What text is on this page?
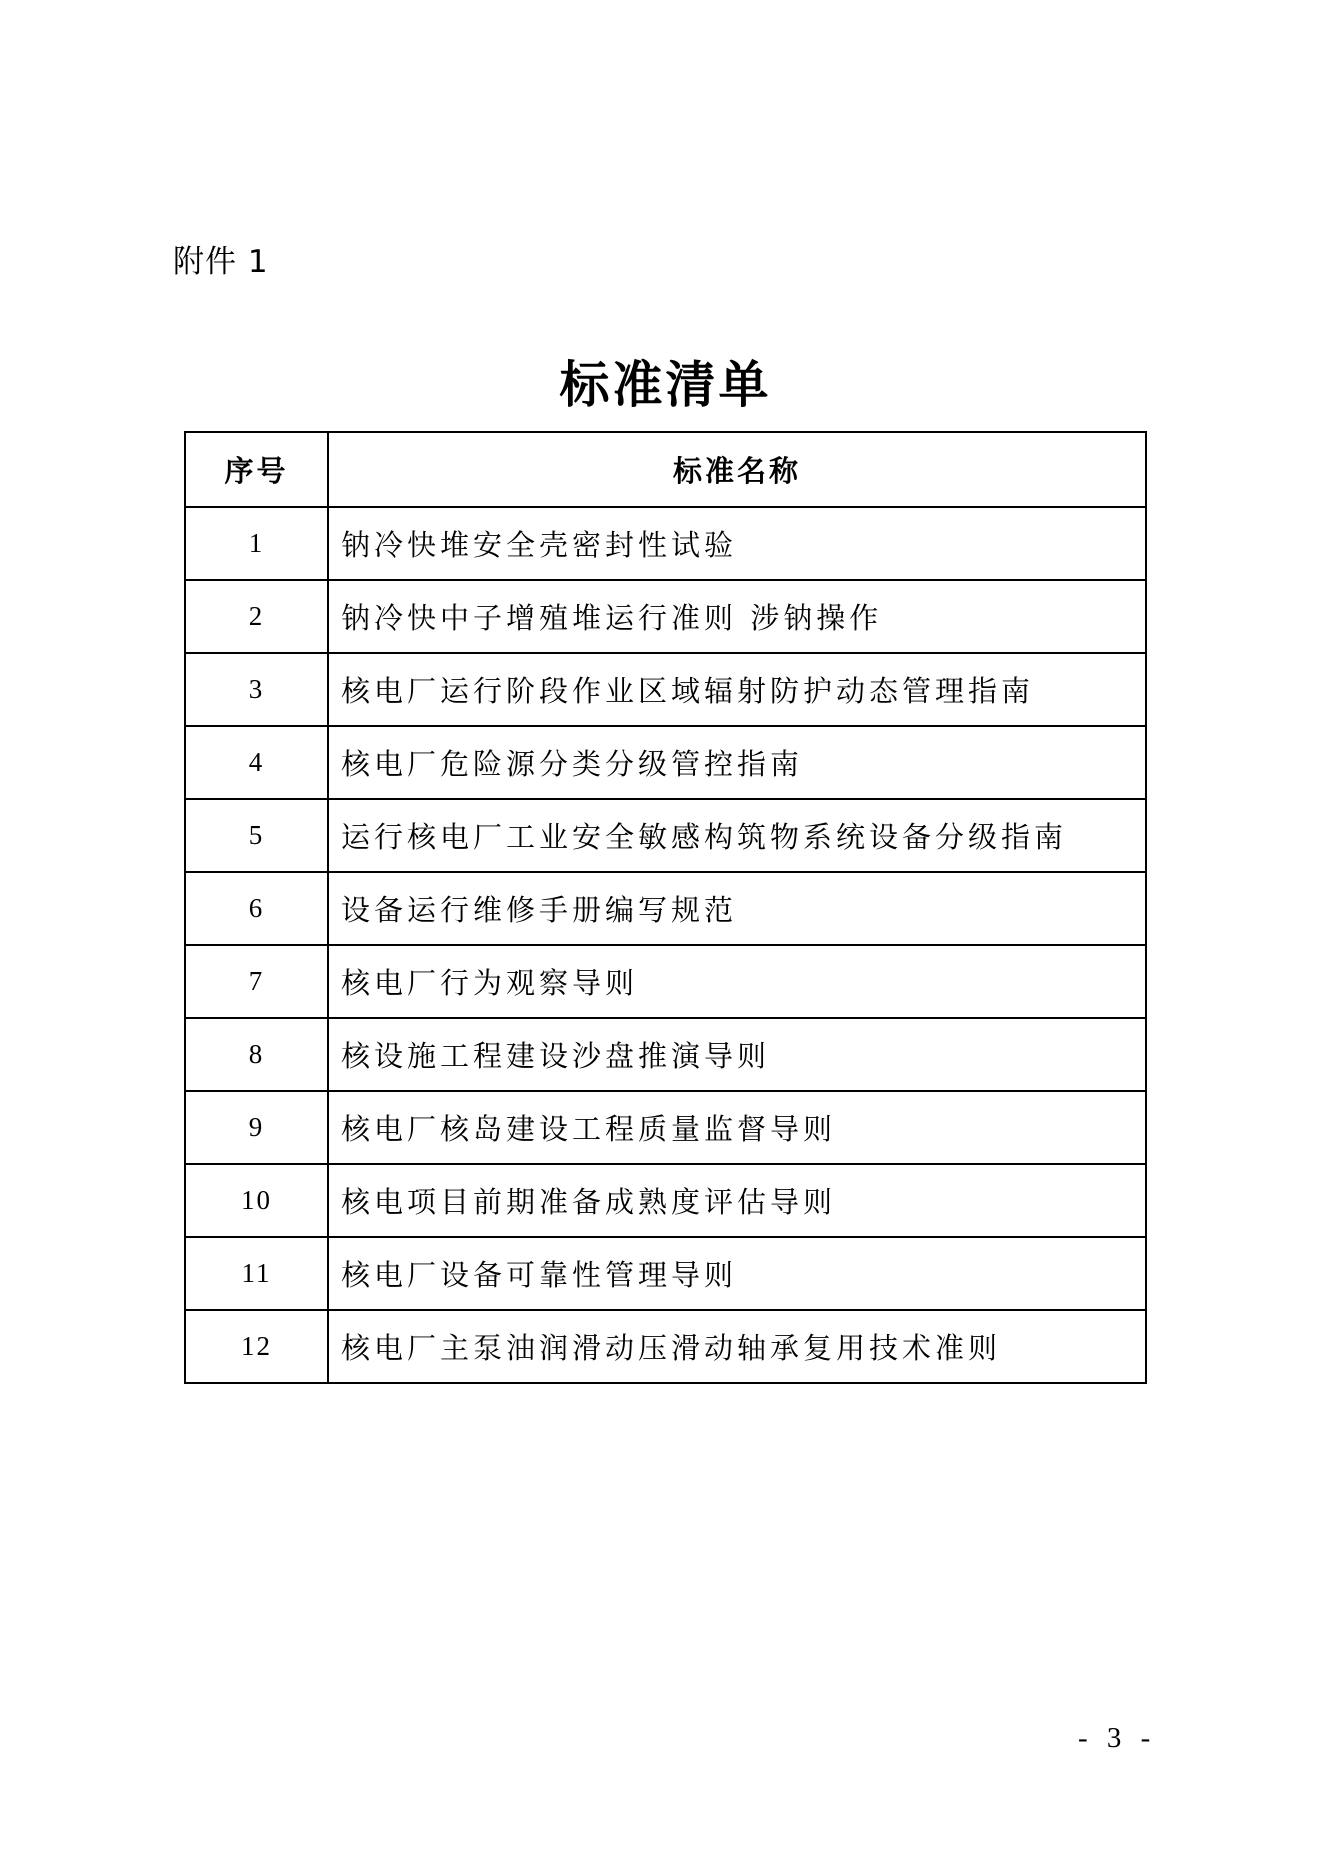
附件 1
标准清单
序号	标准名称
1	钠冷快堆安全壳密封性试验
2	钠冷快中子增殖堆运行准则 涉钠操作
3	核电厂运行阶段作业区域辐射防护动态管理指南
4	核电厂危险源分类分级管控指南
5	运行核电厂工业安全敏感构筑物系统设备分级指南
6	设备运行维修手册编写规范
7	核电厂行为观察导则
8	核设施工程建设沙盘推演导则
9	核电厂核岛建设工程质量监督导则
10	核电项目前期准备成熟度评估导则
11	核电厂设备可靠性管理导则
12	核电厂主泵油润滑动压滑动轴承复用技术准则
- 3 -
